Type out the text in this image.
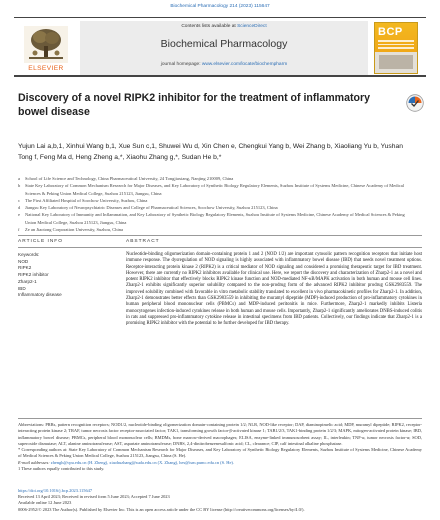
Biochemical Pharmacology 214 (2023) 115647
ELSEVIER
Contents lists available at ScienceDirect
Biochemical Pharmacology
journal homepage: www.elsevier.com/locate/biochempharm
BCP
Discovery of a novel RIPK2 inhibitor for the treatment of inflammatory bowel disease
Yujun Lai a,b,1, Xinhui Wang b,1, Xue Sun c,1, Shuwei Wu d, Xin Chen e, Chengkui Yang b, Wei Zhang b, Xiaoliang Yu b, Yushan Tong f, Feng Ma d, Heng Zheng a,*, Xiaohu Zhang g,*, Sudan He b,*
a	School of Life Science and Technology, China Pharmaceutical University, 24 Tongjiaxiang, Nanjing 210009, China
b	State Key Laboratory of Common Mechanism Research for Major Diseases, and Key Laboratory of Synthetic Biology Regulatory Elements, Suzhou Institute of Systems Medicine, Chinese Academy of Medical Sciences & Peking Union Medical College, Suzhou 215123, Jiangsu, China
c	The First Affiliated Hospital of Soochow University, Suzhou, China
d	Jiangsu Key Laboratory of Neuropsychiatric Diseases and College of Pharmaceutical Sciences, Soochow University, Suzhou 215123, China
e	National Key Laboratory of Immunity and Inflammation, and Key Laboratory of Synthetic Biology Regulatory Elements, Suzhou Institute of Systems Medicine, Chinese Academy of Medical Sciences & Peking Union Medical College, Suzhou 215123, Jiangsu, China
f	Ze an Jiaotong Corporation University, Suzhou, China
ARTICLE INFO	ABSTRACT
Keywords:
NOD
RIPK2
RIPK2 inhibitor
Zharp2-1
IBD
Inflammatory disease

Nucleotide-binding oligomerization domain-containing protein 1 and 2 (NOD 1/2) are important cytosolic pattern recognition receptors that initiate host immune response. The dysregulation of NOD signaling is highly associated with inflammatory bowel disease (IBD) that needs novel treatment options. Receptor-interacting protein kinase 2 (RIPK2) is a critical mediator of NOD signaling and considered a promising therapeutic target for IBD treatment. However, there are currently no RIPK2 inhibitors available for clinical use. Here, we report the discovery and characterization of Zharp2-1 as a novel and potent RIPK2 inhibitor that effectively blocks RIPK2 kinase function and NOD-mediated NF-κB/MAPK activation in both human and mouse cell lines. Zharp2-1 exhibits significantly superior solubility compared to the non-prodrug form of the advanced RIPK2 inhibitor prodrug GSK2983559. The improved solubility combined with favorable in vitro metabolic stability translated to excellent in vivo pharmacokinetic profiles for Zharp2-1. In addition, Zharp2-1 demonstrates better effects than GSK2983559 in inhibiting the muramyl dipeptide (MDP)-induced production of pro-inflammatory cytokines in human peripheral blood mononuclear cells (PBMCs) and MDP-induced peritonitis in mice. Furthermore, Zharp2-1 markedly inhibits Listeria monocytogenes infection-induced cytokines release in both human and mouse cells. Importantly, Zharp2-1 significantly ameliorates DNBS-induced colitis in rats and suppressed pro-inflammatory cytokine release in intestinal specimens from IBD patients. Collectively, our findings indicate that Zharp2-1 is a promising RIPK2 inhibitor with the potential to be further developed for IBD therapy.

Abbreviations: PRRs, pattern recognition receptors; NOD1/2, nucleotide-binding oligomerization domain-containing protein 1/2; NLR, NOD-like receptor; DAP, diaminopimelic acid; MDP, muramyl dipeptide; RIPK2, receptor-interacting protein kinase 2; TRAF, tumor necrosis factor receptor-associated factor; TAK1, transforming growth factor-β-activated kinase 1; TAB1/2/3, TAK1-binding protein 1/2/3; MAPK, mitogen-activated protein kinase; IBD, inflammatory bowel disease; PBMCs, peripheral blood mononuclear cells; BMDMs, bone marrow-derived macrophages; ELISA, enzyme-linked immunosorbent assay; IL, interleukin; TNF-α, tumor necrosis factor-α; SOD, superoxide dismutase; ALT, alanine aminotransferase; AST, aspartate aminotransferase; DNBS, 2,4-dinitrobenzenesulfonic acid; CL, clearance; CIP, calf intestinal alkaline phosphatase.

* Corresponding authors at: State Key Laboratory of Common Mechanism Research for Major Diseases, and Key Laboratory of Synthetic Biology Regulatory Elements, Suzhou Institute of Systems Medicine, Chinese Academy of Medical Sciences & Peking Union Medical College, Suzhou 215123, Jiangsu, China (S. He).

E-mail addresses: zhengh@cpu.edu.cn (H. Zheng), xiaohuzhang@suda.edu.cn (X. Zhang), hes@ism.pumc.edu.cn (S. He).

1 These authors equally contributed to this study.

https://doi.org/10.1016/j.bcp.2023.115647
Received 13 April 2023; Received in revised form 5 June 2023; Accepted 7 June 2023
Available online 12 June 2023
0006-2952/© 2023 The Author(s). Published by Elsevier Inc. This is an open access article under the CC BY license (http://creativecommons.org/licenses/by/4.0/).
